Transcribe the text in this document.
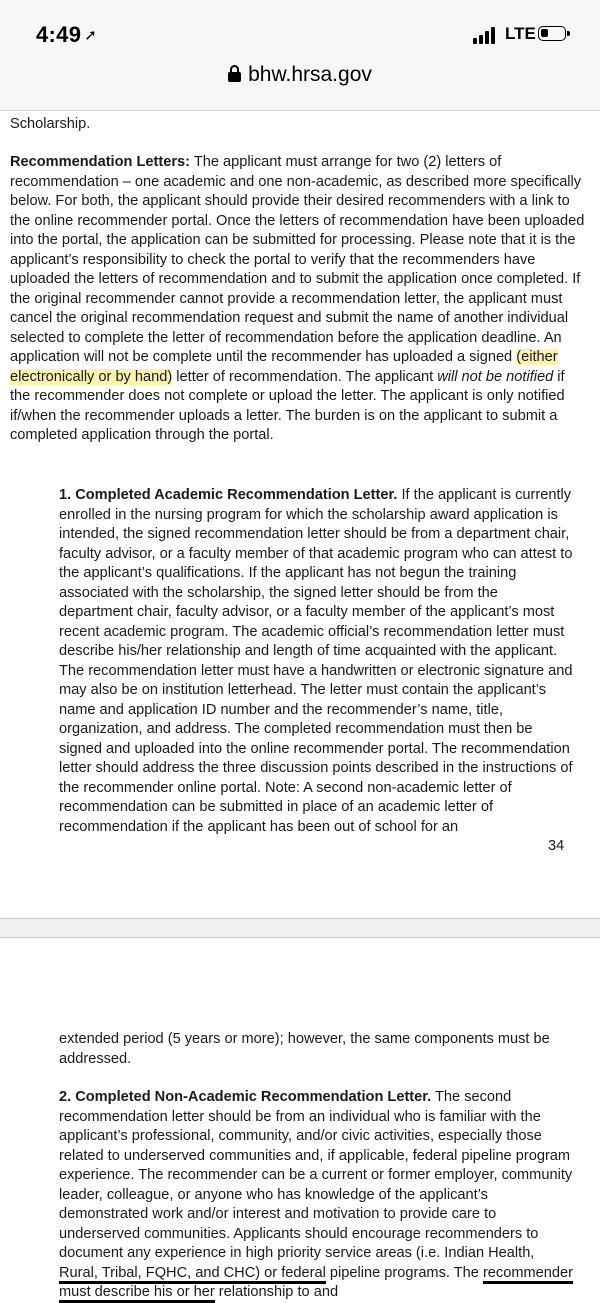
4:49 ➚	LTE
bhw.hrsa.gov
Scholarship.
Recommendation Letters: The applicant must arrange for two (2) letters of recommendation – one academic and one non-academic, as described more specifically below. For both, the applicant should provide their desired recommenders with a link to the online recommender portal. Once the letters of recommendation have been uploaded into the portal, the application can be submitted for processing. Please note that it is the applicant’s responsibility to check the portal to verify that the recommenders have uploaded the letters of recommendation and to submit the application once completed. If the original recommender cannot provide a recommendation letter, the applicant must cancel the original recommendation request and submit the name of another individual selected to complete the letter of recommendation before the application deadline. An application will not be complete until the recommender has uploaded a signed (either electronically or by hand) letter of recommendation. The applicant will not be notified if the recommender does not complete or upload the letter. The applicant is only notified if/when the recommender uploads a letter. The burden is on the applicant to submit a completed application through the portal.
1. Completed Academic Recommendation Letter. If the applicant is currently enrolled in the nursing program for which the scholarship award application is intended, the signed recommendation letter should be from a department chair, faculty advisor, or a faculty member of that academic program who can attest to the applicant’s qualifications. If the applicant has not begun the training associated with the scholarship, the signed letter should be from the department chair, faculty advisor, or a faculty member of the applicant’s most recent academic program. The academic official’s recommendation letter must describe his/her relationship and length of time acquainted with the applicant. The recommendation letter must have a handwritten or electronic signature and may also be on institution letterhead. The letter must contain the applicant’s name and application ID number and the recommender’s name, title, organization, and address. The completed recommendation must then be signed and uploaded into the online recommender portal. The recommendation letter should address the three discussion points described in the instructions of the recommender online portal. Note: A second non-academic letter of recommendation can be submitted in place of an academic letter of recommendation if the applicant has been out of school for an
34
extended period (5 years or more); however, the same components must be addressed.
2. Completed Non-Academic Recommendation Letter. The second recommendation letter should be from an individual who is familiar with the applicant’s professional, community, and/or civic activities, especially those related to underserved communities and, if applicable, federal pipeline program experience. The recommender can be a current or former employer, community leader, colleague, or anyone who has knowledge of the applicant’s demonstrated work and/or interest and motivation to provide care to underserved communities. Applicants should encourage recommenders to document any experience in high priority service areas (i.e. Indian Health, Rural, Tribal, FQHC, and CHC) or federal pipeline programs. The recommender must describe his or her relationship to and
